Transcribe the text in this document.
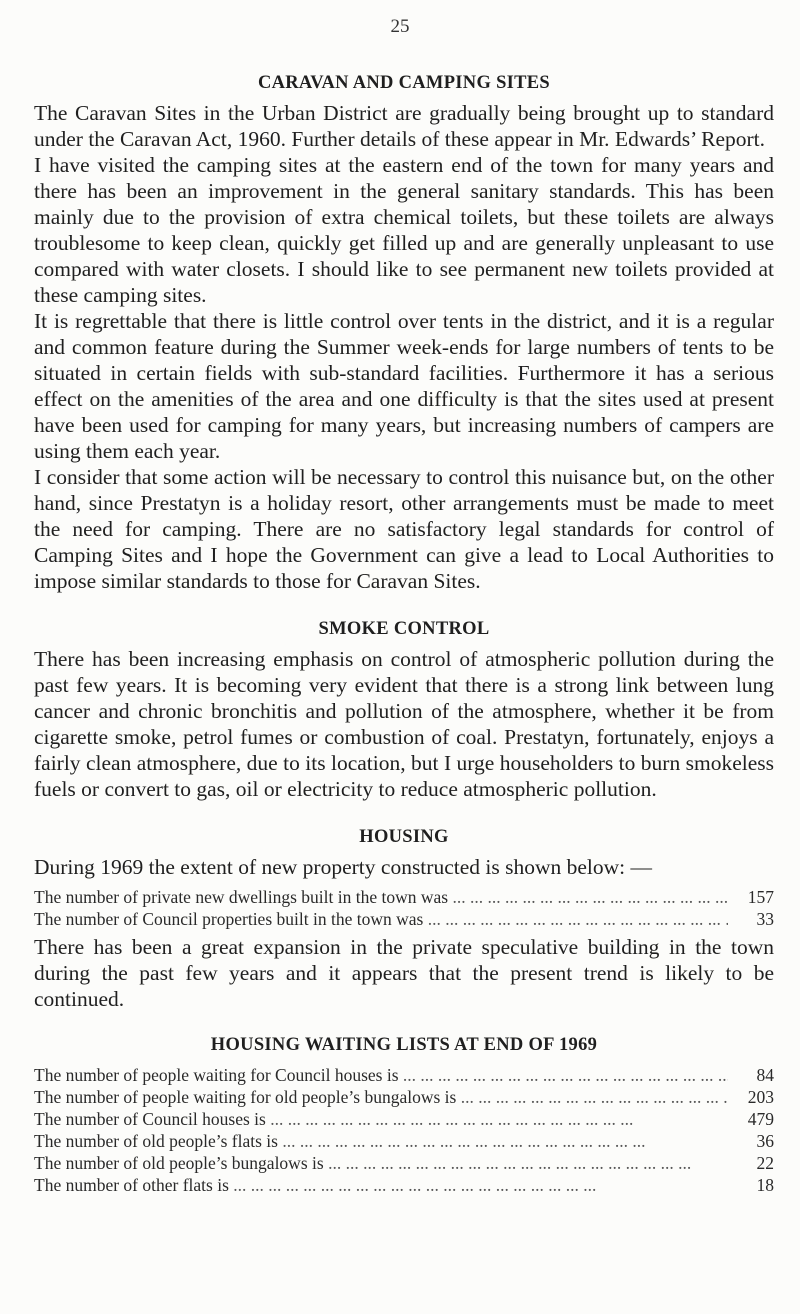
25
CARAVAN AND CAMPING SITES

The Caravan Sites in the Urban District are gradually being brought up to standard under the Caravan Act, 1960. Further details of these appear in Mr. Edwards’ Report.

I have visited the camping sites at the eastern end of the town for many years and there has been an improvement in the general sanitary standards. This has been mainly due to the provision of extra chemical toilets, but these toilets are always troublesome to keep clean, quickly get filled up and are generally unpleasant to use compared with water closets. I should like to see permanent new toilets provided at these camping sites.

It is regrettable that there is little control over tents in the district, and it is a regular and common feature during the Summer week-ends for large numbers of tents to be situated in certain fields with sub-standard facilities. Furthermore it has a serious effect on the amenities of the area and one difficulty is that the sites used at present have been used for camping for many years, but increasing numbers of campers are using them each year.

I consider that some action will be necessary to control this nuisance but, on the other hand, since Prestatyn is a holiday resort, other arrangements must be made to meet the need for camping. There are no satisfactory legal standards for control of Camping Sites and I hope the Government can give a lead to Local Authorities to impose similar standards to those for Caravan Sites.

SMOKE CONTROL

There has been increasing emphasis on control of atmospheric pollution during the past few years. It is becoming very evident that there is a strong link between lung cancer and chronic bronchitis and pollution of the atmosphere, whether it be from cigarette smoke, petrol fumes or combustion of coal. Prestatyn, fortunately, enjoys a fairly clean atmosphere, due to its location, but I urge householders to burn smokeless fuels or convert to gas, oil or electricity to reduce atmospheric pollution.

HOUSING

During 1969 the extent of new property constructed is shown below: —

The number of private new dwellings built in the town was ... .	157
The number of Council properties built in the town was ... .	33

There has been a great expansion in the private speculative building in the town during the past few years and it appears that the present trend is likely to be continued.

HOUSING WAITING LISTS AT END OF 1969
The number of people waiting for Council houses is ... .	84
The number of people waiting for old people’s bungalows is ... .	203
The number of Council houses is ... .	479
The number of old people’s flats is ... .	36
The number of old people’s bungalows is ... .	22
The number of other flats is ... .	18
